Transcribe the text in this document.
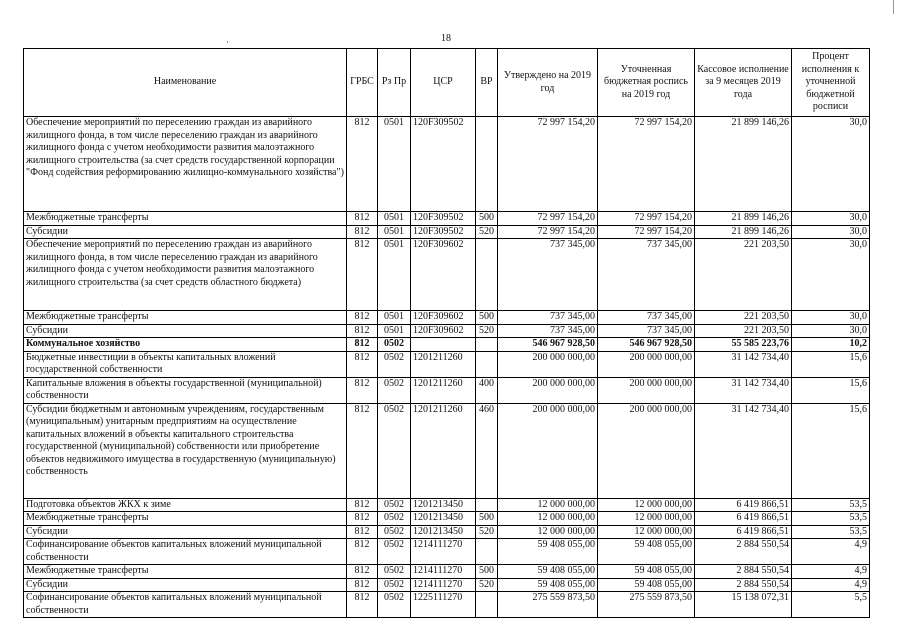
18
·
Наименование	ГРБС	Рз Пр	ЦСР	ВР	Утверждено на 2019 год	Уточненная бюджетная роспись на 2019 год	Кассовое исполнение за 9 месяцев 2019 года	Процент исполнения к уточненной бюджетной росписи
Обеспечение мероприятий по переселению граждан из аварийного жилищного фонда, в том числе переселению граждан из аварийного жилищного фонда с учетом необходимости развития малоэтажного жилищного строительства (за счет средств государственной корпорации "Фонд содействия реформированию жилищно-коммунального хозяйства")	812	0501	120F309502		72 997 154,20	72 997 154,20	21 899 146,26	30,0
Межбюджетные трансферты	812	0501	120F309502	500	72 997 154,20	72 997 154,20	21 899 146,26	30,0
Субсидии	812	0501	120F309502	520	72 997 154,20	72 997 154,20	21 899 146,26	30,0
Обеспечение мероприятий по переселению граждан из аварийного жилищного фонда, в том числе переселению граждан из аварийного жилищного фонда с учетом необходимости развития малоэтажного жилищного строительства (за счет средств областного бюджета)	812	0501	120F309602		737 345,00	737 345,00	221 203,50	30,0
Межбюджетные трансферты	812	0501	120F309602	500	737 345,00	737 345,00	221 203,50	30,0
Субсидии	812	0501	120F309602	520	737 345,00	737 345,00	221 203,50	30,0
Коммунальное хозяйство	812	0502			546 967 928,50	546 967 928,50	55 585 223,76	10,2
Бюджетные инвестиции в объекты капитальных вложений государственной собственности	812	0502	1201211260		200 000 000,00	200 000 000,00	31 142 734,40	15,6
Капитальные вложения в объекты государственной (муниципальной) собственности	812	0502	1201211260	400	200 000 000,00	200 000 000,00	31 142 734,40	15,6
Субсидии бюджетным и автономным учреждениям, государственным (муниципальным) унитарным предприятиям на осуществление капитальных вложений в объекты капитального строительства государственной (муниципальной) собственности или приобретение объектов недвижимого имущества в государственную (муниципальную) собственность	812	0502	1201211260	460	200 000 000,00	200 000 000,00	31 142 734,40	15,6
Подготовка объектов ЖКХ к зиме	812	0502	1201213450		12 000 000,00	12 000 000,00	6 419 866,51	53,5
Межбюджетные трансферты	812	0502	1201213450	500	12 000 000,00	12 000 000,00	6 419 866,51	53,5
Субсидии	812	0502	1201213450	520	12 000 000,00	12 000 000,00	6 419 866,51	53,5
Софинансирование объектов капитальных вложений муниципальной собственности	812	0502	1214111270		59 408 055,00	59 408 055,00	2 884 550,54	4,9
Межбюджетные трансферты	812	0502	1214111270	500	59 408 055,00	59 408 055,00	2 884 550,54	4,9
Субсидии	812	0502	1214111270	520	59 408 055,00	59 408 055,00	2 884 550,54	4,9
Софинансирование объектов капитальных вложений муниципальной собственности	812	0502	1225111270		275 559 873,50	275 559 873,50	15 138 072,31	5,5
